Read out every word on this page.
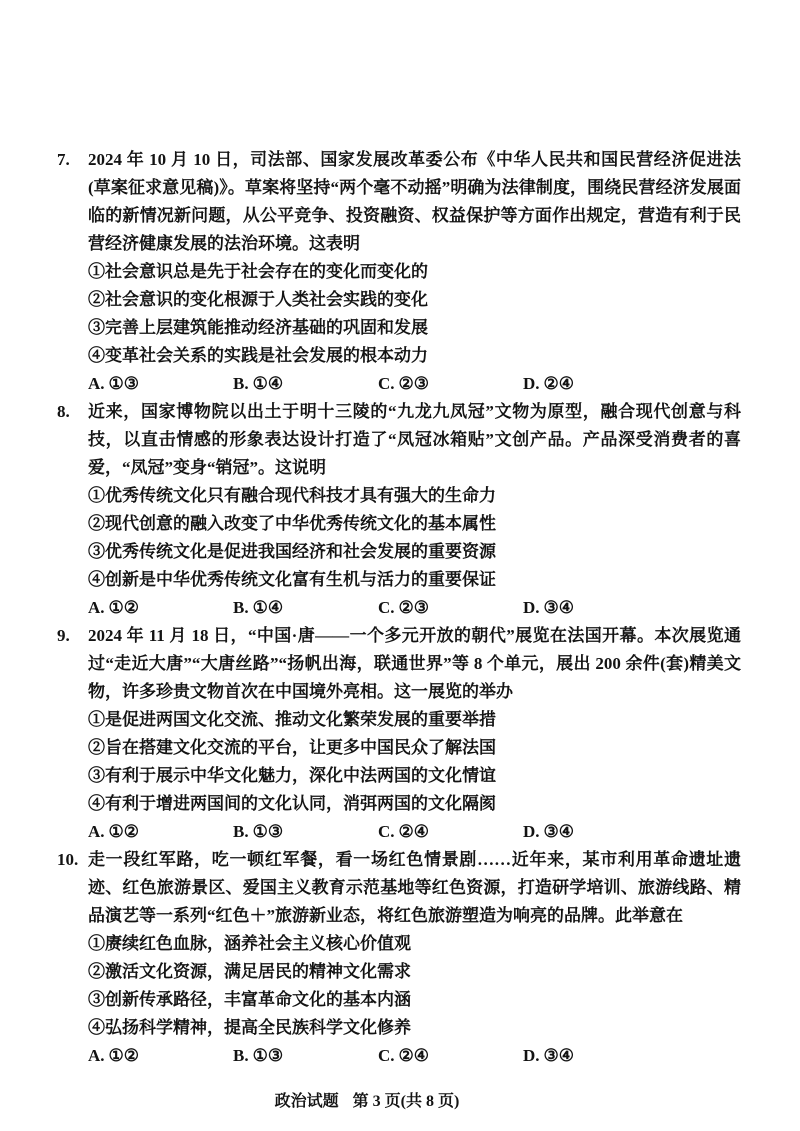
7.	2024 年 10 月 10 日，司法部、国家发展改革委公布《中华人民共和国民营经济促进法(草案征求意见稿)》。草案将坚持“两个毫不动摇”明确为法律制度，围绕民营经济发展面临的新情况新问题，从公平竞争、投资融资、权益保护等方面作出规定，营造有利于民营经济健康发展的法治环境。这表明
①社会意识总是先于社会存在的变化而变化的
②社会意识的变化根源于人类社会实践的变化
③完善上层建筑能推动经济基础的巩固和发展
④变革社会关系的实践是社会发展的根本动力
A. ①③	B. ①④	C. ②③	D. ②④
8.	近来，国家博物院以出土于明十三陵的“九龙九凤冠”文物为原型，融合现代创意与科技，以直击情感的形象表达设计打造了“凤冠冰箱贴”文创产品。产品深受消费者的喜爱，“凤冠”变身“销冠”。这说明
①优秀传统文化只有融合现代科技才具有强大的生命力
②现代创意的融入改变了中华优秀传统文化的基本属性
③优秀传统文化是促进我国经济和社会发展的重要资源
④创新是中华优秀传统文化富有生机与活力的重要保证
A. ①②	B. ①④	C. ②③	D. ③④
9.	2024 年 11 月 18 日，“中国·唐——一个多元开放的朝代”展览在法国开幕。本次展览通过“走近大唐”“大唐丝路”“扬帆出海，联通世界”等 8 个单元，展出 200 余件(套)精美文物，许多珍贵文物首次在中国境外亮相。这一展览的举办
①是促进两国文化交流、推动文化繁荣发展的重要举措
②旨在搭建文化交流的平台，让更多中国民众了解法国
③有利于展示中华文化魅力，深化中法两国的文化情谊
④有利于增进两国间的文化认同，消弭两国的文化隔阂
A. ①②	B. ①③	C. ②④	D. ③④
10. 走一段红军路，吃一顿红军餐，看一场红色情景剧……近年来，某市利用革命遗址遗迹、红色旅游景区、爱国主义教育示范基地等红色资源，打造研学培训、旅游线路、精品演艺等一系列“红色＋”旅游新业态，将红色旅游塑造为响亮的品牌。此举意在
①赓续红色血脉，涵养社会主义核心价值观
②激活文化资源，满足居民的精神文化需求
③创新传承路径，丰富革命文化的基本内涵
④弘扬科学精神，提高全民族科学文化修养
A. ①②	B. ①③	C. ②④	D. ③④
政治试题 第 3 页(共 8 页)
